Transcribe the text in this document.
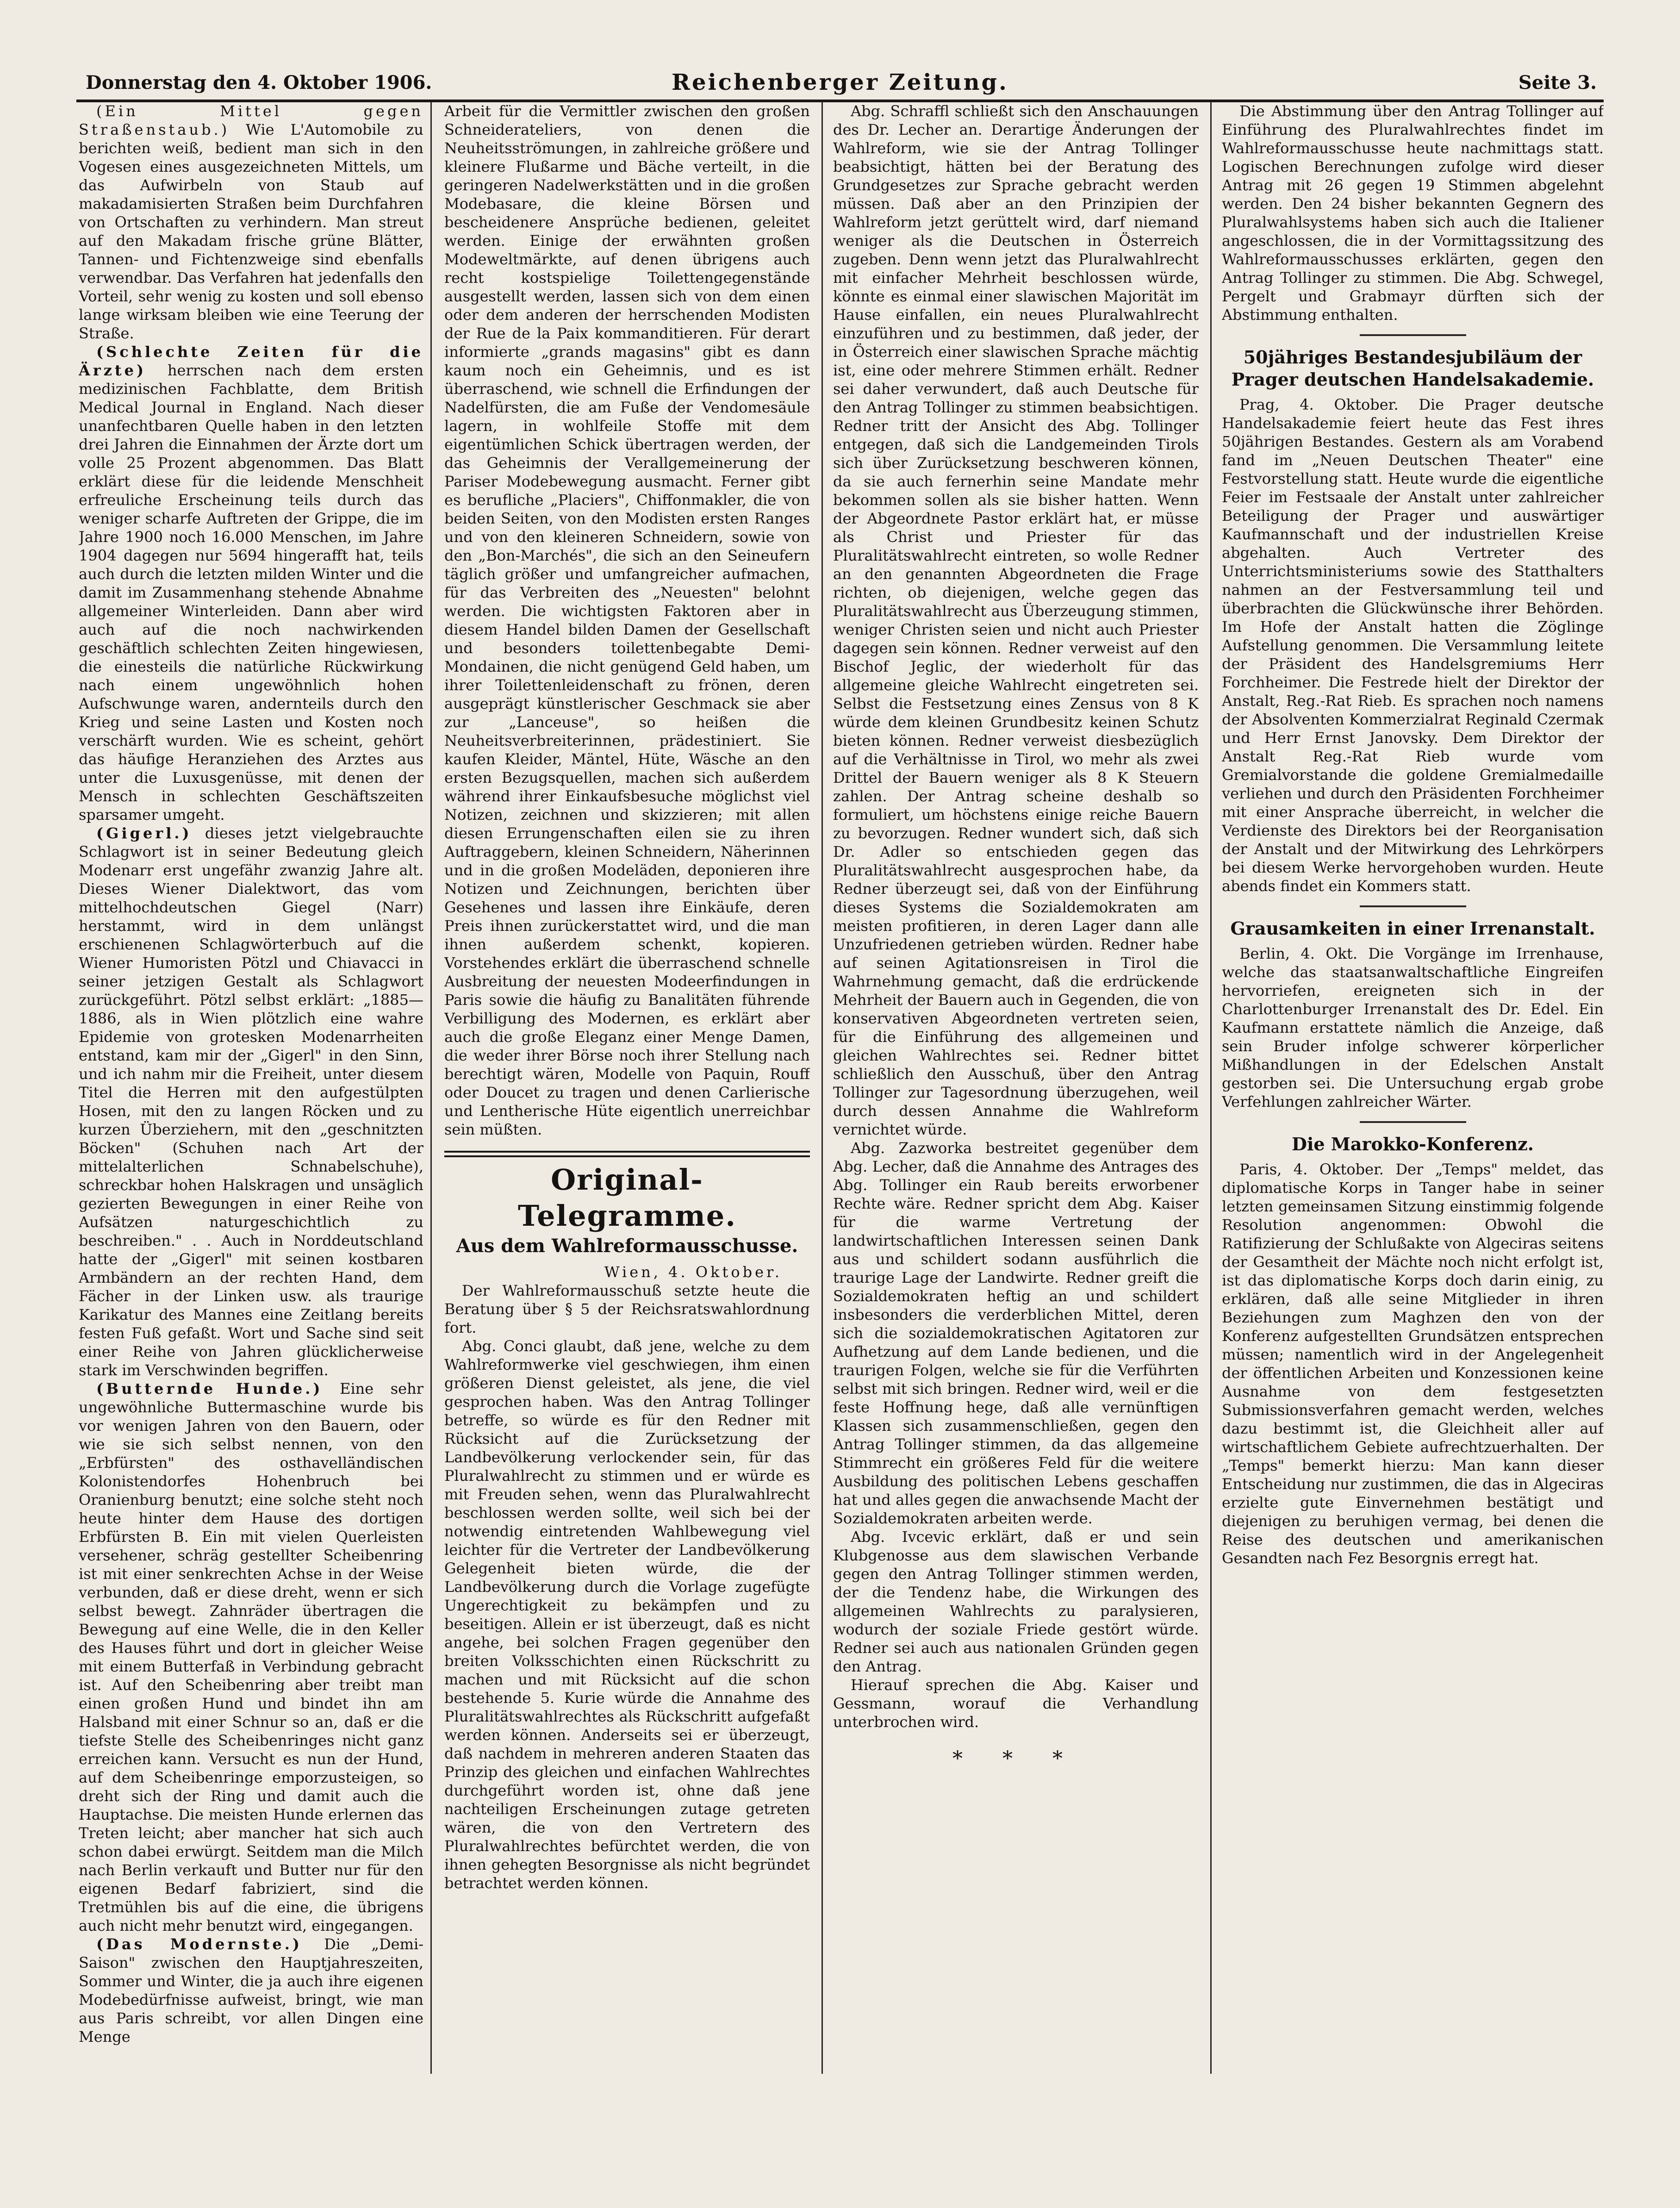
Donnerstag den 4. Oktober 1906.	Reichenberger Zeitung.	Seite 3.

(Ein Mittel gegen Straßenstaub.) Wie L'Automobile zu berichten weiß, bedient man sich in den Vogesen eines ausgezeichneten Mittels, um das Aufwirbeln von Staub auf makadamisierten Straßen beim Durchfahren von Ortschaften zu verhindern. Man streut auf den Makadam frische grüne Blätter, Tannen- und Fichtenzweige sind ebenfalls verwendbar. Das Verfahren hat jedenfalls den Vorteil, sehr wenig zu kosten und soll ebenso lange wirksam bleiben wie eine Teerung der Straße.

(Schlechte Zeiten für die Ärzte) herrschen nach dem ersten medizinischen Fachblatte, dem British Medical Journal in England. Nach dieser unanfechtbaren Quelle haben in den letzten drei Jahren die Einnahmen der Ärzte dort um volle 25 Prozent abgenommen. Das Blatt erklärt diese für die leidende Menschheit erfreuliche Erscheinung teils durch das weniger scharfe Auftreten der Grippe, die im Jahre 1900 noch 16.000 Menschen, im Jahre 1904 dagegen nur 5694 hingerafft hat, teils auch durch die letzten milden Winter und die damit im Zusammenhang stehende Abnahme allgemeiner Winterleiden. Dann aber wird auch auf die noch nachwirkenden geschäftlich schlechten Zeiten hingewiesen, die einesteils die natürliche Rückwirkung nach einem ungewöhnlich hohen Aufschwunge waren, andernteils durch den Krieg und seine Lasten und Kosten noch verschärft wurden. Wie es scheint, gehört das häufige Heranziehen des Arztes aus unter die Luxusgenüsse, mit denen der Mensch in schlechten Geschäftszeiten sparsamer umgeht.

(Gigerl.) dieses jetzt vielgebrauchte Schlagwort ist in seiner Bedeutung gleich Modenarr erst ungefähr zwanzig Jahre alt. Dieses Wiener Dialektwort, das vom mittelhochdeutschen Giegel (Narr) herstammt, wird in dem unlängst erschienenen Schlagwörterbuch auf die Wiener Humoristen Pötzl und Chiavacci in seiner jetzigen Gestalt als Schlagwort zurückgeführt. Pötzl selbst erklärt: „1885—1886, als in Wien plötzlich eine wahre Epidemie von grotesken Modenarrheiten entstand, kam mir der „Gigerl" in den Sinn, und ich nahm mir die Freiheit, unter diesem Titel die Herren mit den aufgestülpten Hosen, mit den zu langen Röcken und zu kurzen Überziehern, mit den „geschnitzten Böcken" (Schuhen nach Art der mittelalterlichen Schnabelschuhe), schreckbar hohen Halskragen und unsäglich gezierten Bewegungen in einer Reihe von Aufsätzen naturgeschichtlich zu beschreiben." . . Auch in Norddeutschland hatte der „Gigerl" mit seinen kostbaren Armbändern an der rechten Hand, dem Fächer in der Linken usw. als traurige Karikatur des Mannes eine Zeitlang bereits festen Fuß gefaßt. Wort und Sache sind seit einer Reihe von Jahren glücklicherweise stark im Verschwinden begriffen.

(Butternde Hunde.) Eine sehr ungewöhnliche Buttermaschine wurde bis vor wenigen Jahren von den Bauern, oder wie sie sich selbst nennen, von den „Erbfürsten" des osthavelländischen Kolonistendorfes Hohenbruch bei Oranienburg benutzt; eine solche steht noch heute hinter dem Hause des dortigen Erbfürsten B. Ein mit vielen Querleisten versehener, schräg gestellter Scheibenring ist mit einer senkrechten Achse in der Weise verbunden, daß er diese dreht, wenn er sich selbst bewegt. Zahnräder übertragen die Bewegung auf eine Welle, die in den Keller des Hauses führt und dort in gleicher Weise mit einem Butterfaß in Verbindung gebracht ist. Auf den Scheibenring aber treibt man einen großen Hund und bindet ihn am Halsband mit einer Schnur so an, daß er die tiefste Stelle des Scheibenringes nicht ganz erreichen kann. Versucht es nun der Hund, auf dem Scheibenringe emporzusteigen, so dreht sich der Ring und damit auch die Hauptachse. Die meisten Hunde erlernen das Treten leicht; aber mancher hat sich auch schon dabei erwürgt. Seitdem man die Milch nach Berlin verkauft und Butter nur für den eigenen Bedarf fabriziert, sind die Tretmühlen bis auf die eine, die übrigens auch nicht mehr benutzt wird, eingegangen.

(Das Modernste.) Die „Demi-Saison" zwischen den Hauptjahreszeiten, Sommer und Winter, die ja auch ihre eigenen Modebedürfnisse aufweist, bringt, wie man aus Paris schreibt, vor allen Dingen eine Menge

Arbeit für die Vermittler zwischen den großen Schneiderateliers, von denen die Neuheitsströmungen, in zahlreiche größere und kleinere Flußarme und Bäche verteilt, in die geringeren Nadelwerkstätten und in die großen Modebasare, die kleine Börsen und bescheidenere Ansprüche bedienen, geleitet werden. Einige der erwähnten großen Modeweltmärkte, auf denen übrigens auch recht kostspielige Toilettengegenstände ausgestellt werden, lassen sich von dem einen oder dem anderen der herrschenden Modisten der Rue de la Paix kommanditieren. Für derart informierte „grands magasins" gibt es dann kaum noch ein Geheimnis, und es ist überraschend, wie schnell die Erfindungen der Nadelfürsten, die am Fuße der Vendomesäule lagern, in wohlfeile Stoffe mit dem eigentümlichen Schick übertragen werden, der das Geheimnis der Verallgemeinerung der Pariser Modebewegung ausmacht. Ferner gibt es berufliche „Placiers", Chiffonmakler, die von beiden Seiten, von den Modisten ersten Ranges und von den kleineren Schneidern, sowie von den „Bon-Marchés", die sich an den Seineufern täglich größer und umfangreicher aufmachen, für das Verbreiten des „Neuesten" belohnt werden. Die wichtigsten Faktoren aber in diesem Handel bilden Damen der Gesellschaft und besonders toilettenbegabte Demi-Mondainen, die nicht genügend Geld haben, um ihrer Toilettenleidenschaft zu frönen, deren ausgeprägt künstlerischer Geschmack sie aber zur „Lanceuse", so heißen die Neuheitsverbreiterinnen, prädestiniert. Sie kaufen Kleider, Mäntel, Hüte, Wäsche an den ersten Bezugsquellen, machen sich außerdem während ihrer Einkaufsbesuche möglichst viel Notizen, zeichnen und skizzieren; mit allen diesen Errungenschaften eilen sie zu ihren Auftraggebern, kleinen Schneidern, Näherinnen und in die großen Modeläden, deponieren ihre Notizen und Zeichnungen, berichten über Gesehenes und lassen ihre Einkäufe, deren Preis ihnen zurückerstattet wird, und die man ihnen außerdem schenkt, kopieren. Vorstehendes erklärt die überraschend schnelle Ausbreitung der neuesten Modeerfindungen in Paris sowie die häufig zu Banalitäten führende Verbilligung des Modernen, es erklärt aber auch die große Eleganz einer Menge Damen, die weder ihrer Börse noch ihrer Stellung nach berechtigt wären, Modelle von Paquin, Rouff oder Doucet zu tragen und denen Carlierische und Lentherische Hüte eigentlich unerreichbar sein müßten.

Original-Telegramme.
Aus dem Wahlreformausschusse.
Wien, 4. Oktober.

Der Wahlreformausschuß setzte heute die Beratung über § 5 der Reichsratswahlordnung fort.

Abg. Conci glaubt, daß jene, welche zu dem Wahlreformwerke viel geschwiegen, ihm einen größeren Dienst geleistet, als jene, die viel gesprochen haben. Was den Antrag Tollinger betreffe, so würde es für den Redner mit Rücksicht auf die Zurücksetzung der Landbevölkerung verlockender sein, für das Pluralwahlrecht zu stimmen und er würde es mit Freuden sehen, wenn das Pluralwahlrecht beschlossen werden sollte, weil sich bei der notwendig eintretenden Wahlbewegung viel leichter für die Vertreter der Landbevölkerung Gelegenheit bieten würde, die der Landbevölkerung durch die Vorlage zugefügte Ungerechtigkeit zu bekämpfen und zu beseitigen. Allein er ist überzeugt, daß es nicht angehe, bei solchen Fragen gegenüber den breiten Volksschichten einen Rückschritt zu machen und mit Rücksicht auf die schon bestehende 5. Kurie würde die Annahme des Pluralitätswahlrechtes als Rückschritt aufgefaßt werden können. Anderseits sei er überzeugt, daß nachdem in mehreren anderen Staaten das Prinzip des gleichen und einfachen Wahlrechtes durchgeführt worden ist, ohne daß jene nachteiligen Erscheinungen zutage getreten wären, die von den Vertretern des Pluralwahlrechtes befürchtet werden, die von ihnen gehegten Besorgnisse als nicht begründet betrachtet werden können.

Abg. Schraffl schließt sich den Anschauungen des Dr. Lecher an. Derartige Änderungen der Wahlreform, wie sie der Antrag Tollinger beabsichtigt, hätten bei der Beratung des Grundgesetzes zur Sprache gebracht werden müssen. Daß aber an den Prinzipien der Wahlreform jetzt gerüttelt wird, darf niemand weniger als die Deutschen in Österreich zugeben. Denn wenn jetzt das Pluralwahlrecht mit einfacher Mehrheit beschlossen würde, könnte es einmal einer slawischen Majorität im Hause einfallen, ein neues Pluralwahlrecht einzuführen und zu bestimmen, daß jeder, der in Österreich einer slawischen Sprache mächtig ist, eine oder mehrere Stimmen erhält. Redner sei daher verwundert, daß auch Deutsche für den Antrag Tollinger zu stimmen beabsichtigen. Redner tritt der Ansicht des Abg. Tollinger entgegen, daß sich die Landgemeinden Tirols sich über Zurücksetzung beschweren können, da sie auch fernerhin seine Mandate mehr bekommen sollen als sie bisher hatten. Wenn der Abgeordnete Pastor erklärt hat, er müsse als Christ und Priester für das Pluralitätswahlrecht eintreten, so wolle Redner an den genannten Abgeordneten die Frage richten, ob diejenigen, welche gegen das Pluralitätswahlrecht aus Überzeugung stimmen, weniger Christen seien und nicht auch Priester dagegen sein können. Redner verweist auf den Bischof Jeglic, der wiederholt für das allgemeine gleiche Wahlrecht eingetreten sei. Selbst die Festsetzung eines Zensus von 8 K würde dem kleinen Grundbesitz keinen Schutz bieten können. Redner verweist diesbezüglich auf die Verhältnisse in Tirol, wo mehr als zwei Drittel der Bauern weniger als 8 K Steuern zahlen. Der Antrag scheine deshalb so formuliert, um höchstens einige reiche Bauern zu bevorzugen. Redner wundert sich, daß sich Dr. Adler so entschieden gegen das Pluralitätswahlrecht ausgesprochen habe, da Redner überzeugt sei, daß von der Einführung dieses Systems die Sozialdemokraten am meisten profitieren, in deren Lager dann alle Unzufriedenen getrieben würden. Redner habe auf seinen Agitationsreisen in Tirol die Wahrnehmung gemacht, daß die erdrückende Mehrheit der Bauern auch in Gegenden, die von konservativen Abgeordneten vertreten seien, für die Einführung des allgemeinen und gleichen Wahlrechtes sei. Redner bittet schließlich den Ausschuß, über den Antrag Tollinger zur Tagesordnung überzugehen, weil durch dessen Annahme die Wahlreform vernichtet würde.

Abg. Zazworka bestreitet gegenüber dem Abg. Lecher, daß die Annahme des Antrages des Abg. Tollinger ein Raub bereits erworbener Rechte wäre. Redner spricht dem Abg. Kaiser für die warme Vertretung der landwirtschaftlichen Interessen seinen Dank aus und schildert sodann ausführlich die traurige Lage der Landwirte. Redner greift die Sozialdemokraten heftig an und schildert insbesonders die verderblichen Mittel, deren sich die sozialdemokratischen Agitatoren zur Aufhetzung auf dem Lande bedienen, und die traurigen Folgen, welche sie für die Verführten selbst mit sich bringen. Redner wird, weil er die feste Hoffnung hege, daß alle vernünftigen Klassen sich zusammenschließen, gegen den Antrag Tollinger stimmen, da das allgemeine Stimmrecht ein größeres Feld für die weitere Ausbildung des politischen Lebens geschaffen hat und alles gegen die anwachsende Macht der Sozialdemokraten arbeiten werde.

Abg. Ivcevic erklärt, daß er und sein Klubgenosse aus dem slawischen Verbande gegen den Antrag Tollinger stimmen werden, der die Tendenz habe, die Wirkungen des allgemeinen Wahlrechts zu paralysieren, wodurch der soziale Friede gestört würde. Redner sei auch aus nationalen Gründen gegen den Antrag.

Hierauf sprechen die Abg. Kaiser und Gessmann, worauf die Verhandlung unterbrochen wird.

* * *

Die Abstimmung über den Antrag Tollinger auf Einführung des Pluralwahlrechtes findet im Wahlreformausschusse heute nachmittags statt. Logischen Berechnungen zufolge wird dieser Antrag mit 26 gegen 19 Stimmen abgelehnt werden. Den 24 bisher bekannten Gegnern des Pluralwahlsystems haben sich auch die Italiener angeschlossen, die in der Vormittagssitzung des Wahlreformausschusses erklärten, gegen den Antrag Tollinger zu stimmen. Die Abg. Schwegel, Pergelt und Grabmayr dürften sich der Abstimmung enthalten.

50jähriges Bestandesjubiläum der
Prager deutschen Handelsakademie.

Prag, 4. Oktober. Die Prager deutsche Handelsakademie feiert heute das Fest ihres 50jährigen Bestandes. Gestern als am Vorabend fand im „Neuen Deutschen Theater" eine Festvorstellung statt. Heute wurde die eigentliche Feier im Festsaale der Anstalt unter zahlreicher Beteiligung der Prager und auswärtiger Kaufmannschaft und der industriellen Kreise abgehalten. Auch Vertreter des Unterrichtsministeriums sowie des Statthalters nahmen an der Festversammlung teil und überbrachten die Glückwünsche ihrer Behörden. Im Hofe der Anstalt hatten die Zöglinge Aufstellung genommen. Die Versammlung leitete der Präsident des Handelsgremiums Herr Forchheimer. Die Festrede hielt der Direktor der Anstalt, Reg.-Rat Rieb. Es sprachen noch namens der Absolventen Kommerzialrat Reginald Czermak und Herr Ernst Janovsky. Dem Direktor der Anstalt Reg.-Rat Rieb wurde vom Gremialvorstande die goldene Gremialmedaille verliehen und durch den Präsidenten Forchheimer mit einer Ansprache überreicht, in welcher die Verdienste des Direktors bei der Reorganisation der Anstalt und der Mitwirkung des Lehrkörpers bei diesem Werke hervorgehoben wurden. Heute abends findet ein Kommers statt.

Grausamkeiten in einer Irrenanstalt.

Berlin, 4. Okt. Die Vorgänge im Irrenhause, welche das staatsanwaltschaftliche Eingreifen hervorriefen, ereigneten sich in der Charlottenburger Irrenanstalt des Dr. Edel. Ein Kaufmann erstattete nämlich die Anzeige, daß sein Bruder infolge schwerer körperlicher Mißhandlungen in der Edelschen Anstalt gestorben sei. Die Untersuchung ergab grobe Verfehlungen zahlreicher Wärter.

Die Marokko-Konferenz.

Paris, 4. Oktober. Der „Temps" meldet, das diplomatische Korps in Tanger habe in seiner letzten gemeinsamen Sitzung einstimmig folgende Resolution angenommen: Obwohl die Ratifizierung der Schlußakte von Algeciras seitens der Gesamtheit der Mächte noch nicht erfolgt ist, ist das diplomatische Korps doch darin einig, zu erklären, daß alle seine Mitglieder in ihren Beziehungen zum Maghzen den von der Konferenz aufgestellten Grundsätzen entsprechen müssen; namentlich wird in der Angelegenheit der öffentlichen Arbeiten und Konzessionen keine Ausnahme von dem festgesetzten Submissionsverfahren gemacht werden, welches dazu bestimmt ist, die Gleichheit aller auf wirtschaftlichem Gebiete aufrechtzuerhalten. Der „Temps" bemerkt hierzu: Man kann dieser Entscheidung nur zustimmen, die das in Algeciras erzielte gute Einvernehmen bestätigt und diejenigen zu beruhigen vermag, bei denen die Reise des deutschen und amerikanischen Gesandten nach Fez Besorgnis erregt hat.
